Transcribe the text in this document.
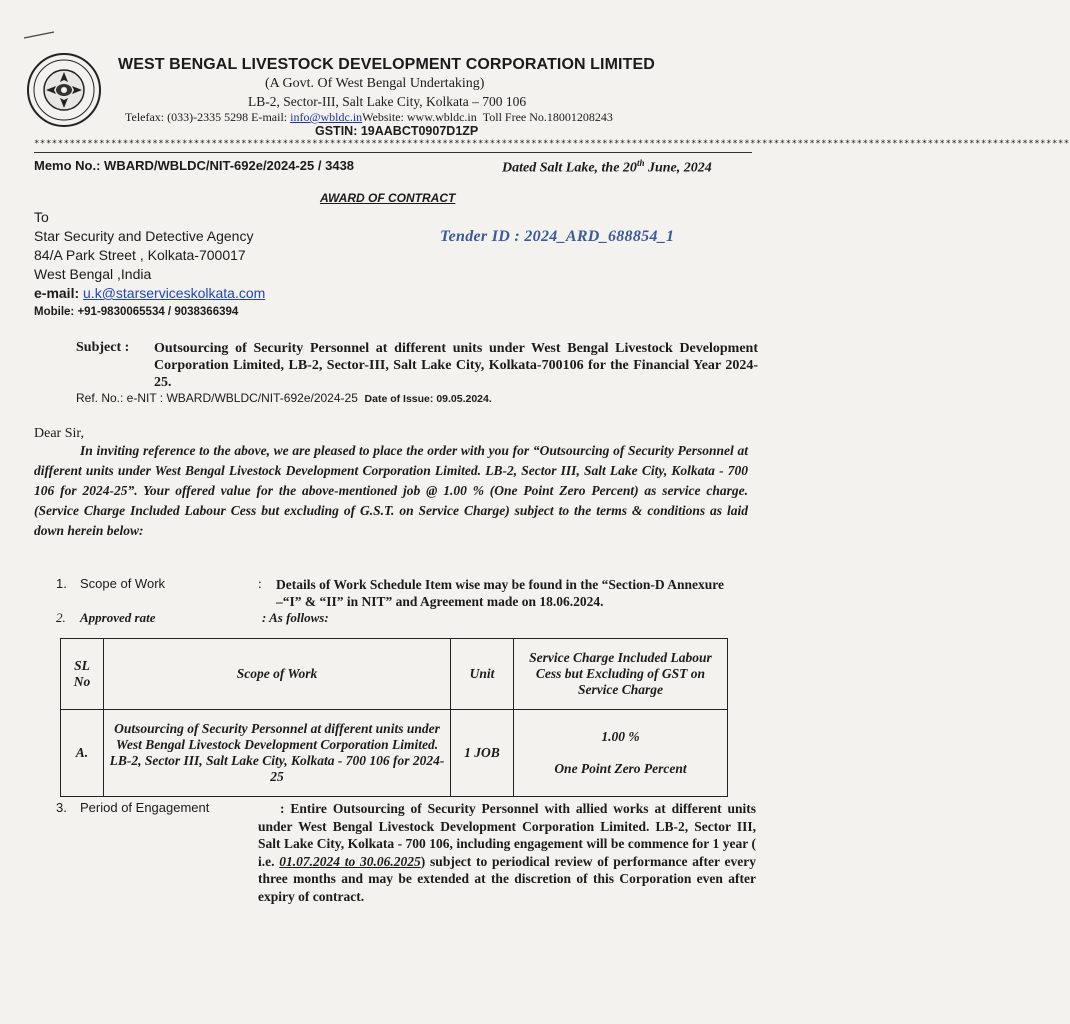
WEST BENGAL LIVESTOCK DEVELOPMENT CORPORATION LIMITED
(A Govt. Of West Bengal Undertaking)
LB-2, Sector-III, Salt Lake City, Kolkata – 700 106
Telefax: (033)-2335 5298 E-mail: info@wbldc.inWebsite: www.wbldc.in Toll Free No.18001208243
GSTIN: 19AABCT0907D1ZP
*******************************************************************************************************************************************************************************
Memo No.: WBARD/WBLDC/NIT-692e/2024-25 / 3438	Dated Salt Lake, the 20th June, 2024
AWARD OF CONTRACT
To
Star Security and Detective Agency
84/A Park Street , Kolkata-700017
West Bengal ,India
e-mail: u.k@starserviceskolkata.com
Mobile: +91-9830065534 / 9038366394
Tender ID : 2024_ARD_688854_1
Subject : Outsourcing of Security Personnel at different units under West Bengal Livestock Development Corporation Limited, LB-2, Sector-III, Salt Lake City, Kolkata-700106 for the Financial Year 2024-25.
Ref. No.: e-NIT : WBARD/WBLDC/NIT-692e/2024-25 Date of Issue: 09.05.2024.
Dear Sir,
In inviting reference to the above, we are pleased to place the order with you for “Outsourcing of Security Personnel at different units under West Bengal Livestock Development Corporation Limited. LB-2, Sector III, Salt Lake City, Kolkata - 700 106 for 2024-25”. Your offered value for the above-mentioned job @ 1.00 % (One Point Zero Percent) as service charge. (Service Charge Included Labour Cess but excluding of G.S.T. on Service Charge) subject to the terms & conditions as laid down herein below:
1. Scope of Work	: Details of Work Schedule Item wise may be found in the “Section-D Annexure –“I” & “II” in NIT” and Agreement made on 18.06.2024.
2. Approved rate	: As follows:
SL No	Scope of Work	Unit	Service Charge Included Labour Cess but Excluding of GST on Service Charge
A.	Outsourcing of Security Personnel at different units under West Bengal Livestock Development Corporation Limited. LB-2, Sector III, Salt Lake City, Kolkata - 700 106 for 2024-25	1 JOB	1.00 %
One Point Zero Percent
3. Period of Engagement	: Entire Outsourcing of Security Personnel with allied works at different units under West Bengal Livestock Development Corporation Limited. LB-2, Sector III, Salt Lake City, Kolkata - 700 106, including engagement will be commence for 1 year ( i.e. 01.07.2024 to 30.06.2025) subject to periodical review of performance after every three months and may be extended at the discretion of this Corporation even after expiry of contract.
